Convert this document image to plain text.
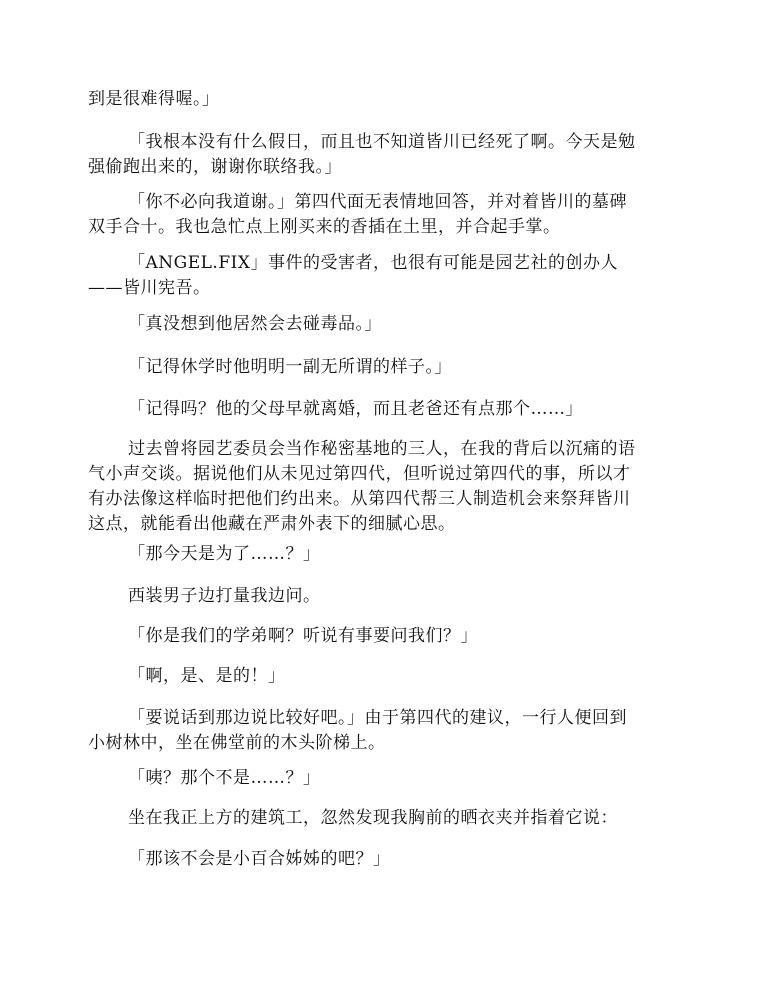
到是很难得喔。」

「我根本没有什么假日，而且也不知道皆川已经死了啊。今天是勉
强偷跑出来的，谢谢你联络我。」

「你不必向我道谢。」第四代面无表情地回答，并对着皆川的墓碑
双手合十。我也急忙点上刚买来的香插在土里，并合起手掌。

「ANGEL.FIX」事件的受害者，也很有可能是园艺社的创办人
——皆川宪吾。

「真没想到他居然会去碰毒品。」

「记得休学时他明明一副无所谓的样子。」

「记得吗？他的父母早就离婚，而且老爸还有点那个……」

过去曾将园艺委员会当作秘密基地的三人，在我的背后以沉痛的语
气小声交谈。据说他们从未见过第四代，但听说过第四代的事，所以才
有办法像这样临时把他们约出来。从第四代帮三人制造机会来祭拜皆川
这点，就能看出他藏在严肃外表下的细腻心思。

「那今天是为了……？」

西装男子边打量我边问。

「你是我们的学弟啊？听说有事要问我们？」

「啊，是、是的！」

「要说话到那边说比较好吧。」由于第四代的建议，一行人便回到
小树林中，坐在佛堂前的木头阶梯上。

「咦？那个不是……？」

坐在我正上方的建筑工，忽然发现我胸前的晒衣夹并指着它说：

「那该不会是小百合姊姊的吧？」
